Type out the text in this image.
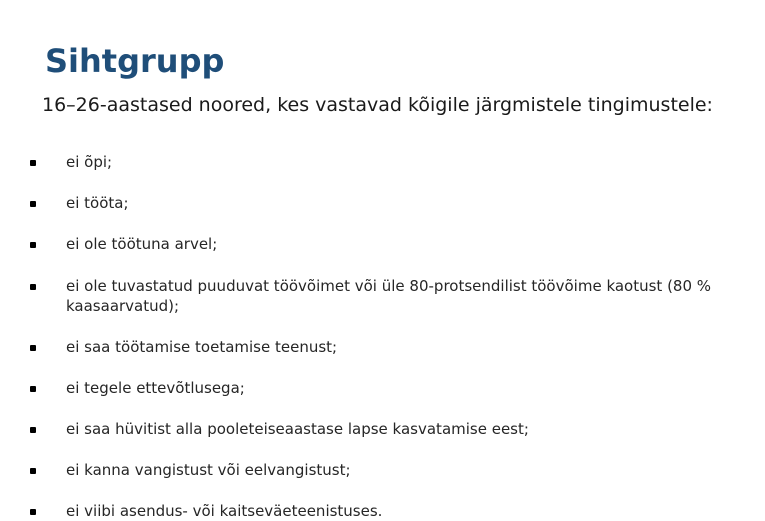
Sihtgrupp
16–26-aastased noored, kes vastavad kõigile järgmistele tingimustele:
ei õpi;
ei tööta;
ei ole töötuna arvel;
ei ole tuvastatud puuduvat töövõimet või üle 80-protsendilist töövõime kaotust (80 % kaasaarvatud);
ei saa töötamise toetamise teenust;
ei tegele ettevõtlusega;
ei saa hüvitist alla pooleteiseaastase lapse kasvatamise eest;
ei kanna vangistust või eelvangistust;
ei viibi asendus- või kaitseväeteenistuses.
